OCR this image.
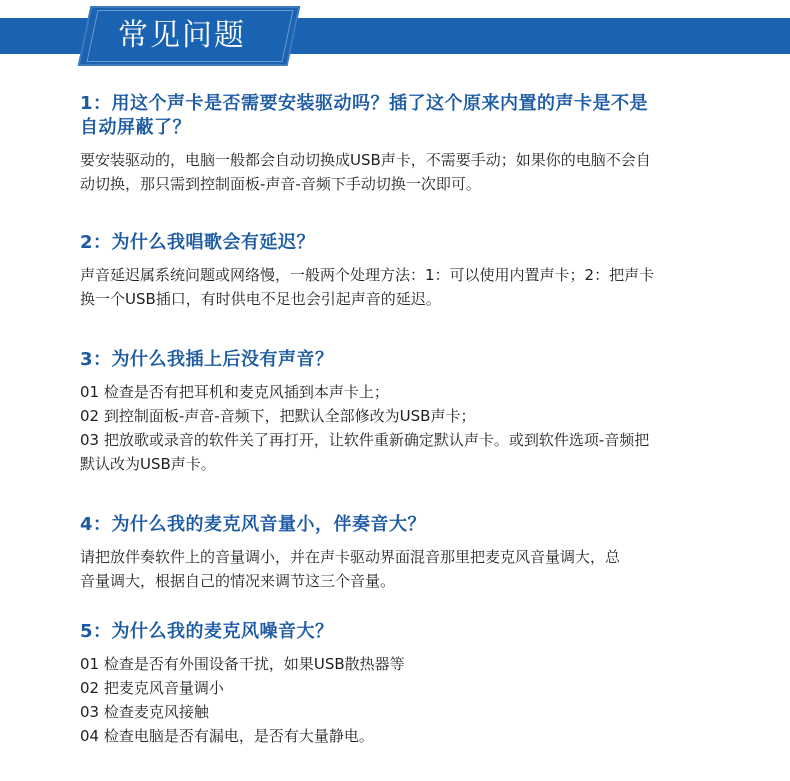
常见问题

1：用这个声卡是否需要安装驱动吗？插了这个原来内置的声卡是不是
自动屏蔽了？

要安装驱动的，电脑一般都会自动切换成USB声卡，不需要手动；如果你的电脑不会自
动切换，那只需到控制面板-声音-音频下手动切换一次即可。

2：为什么我唱歌会有延迟？

声音延迟属系统问题或网络慢，一般两个处理方法：1：可以使用内置声卡；2：把声卡
换一个USB插口，有时供电不足也会引起声音的延迟。

3：为什么我插上后没有声音？

01 检查是否有把耳机和麦克风插到本声卡上；
02 到控制面板-声音-音频下，把默认全部修改为USB声卡；
03 把放歌或录音的软件关了再打开，让软件重新确定默认声卡。或到软件选项-音频把
默认改为USB声卡。

4：为什么我的麦克风音量小，伴奏音大？

请把放伴奏软件上的音量调小，并在声卡驱动界面混音那里把麦克风音量调大，总
音量调大，根据自己的情况来调节这三个音量。

5：为什么我的麦克风噪音大？

01 检查是否有外围设备干扰，如果USB散热器等
02 把麦克风音量调小
03 检查麦克风接触
04 检查电脑是否有漏电，是否有大量静电。
